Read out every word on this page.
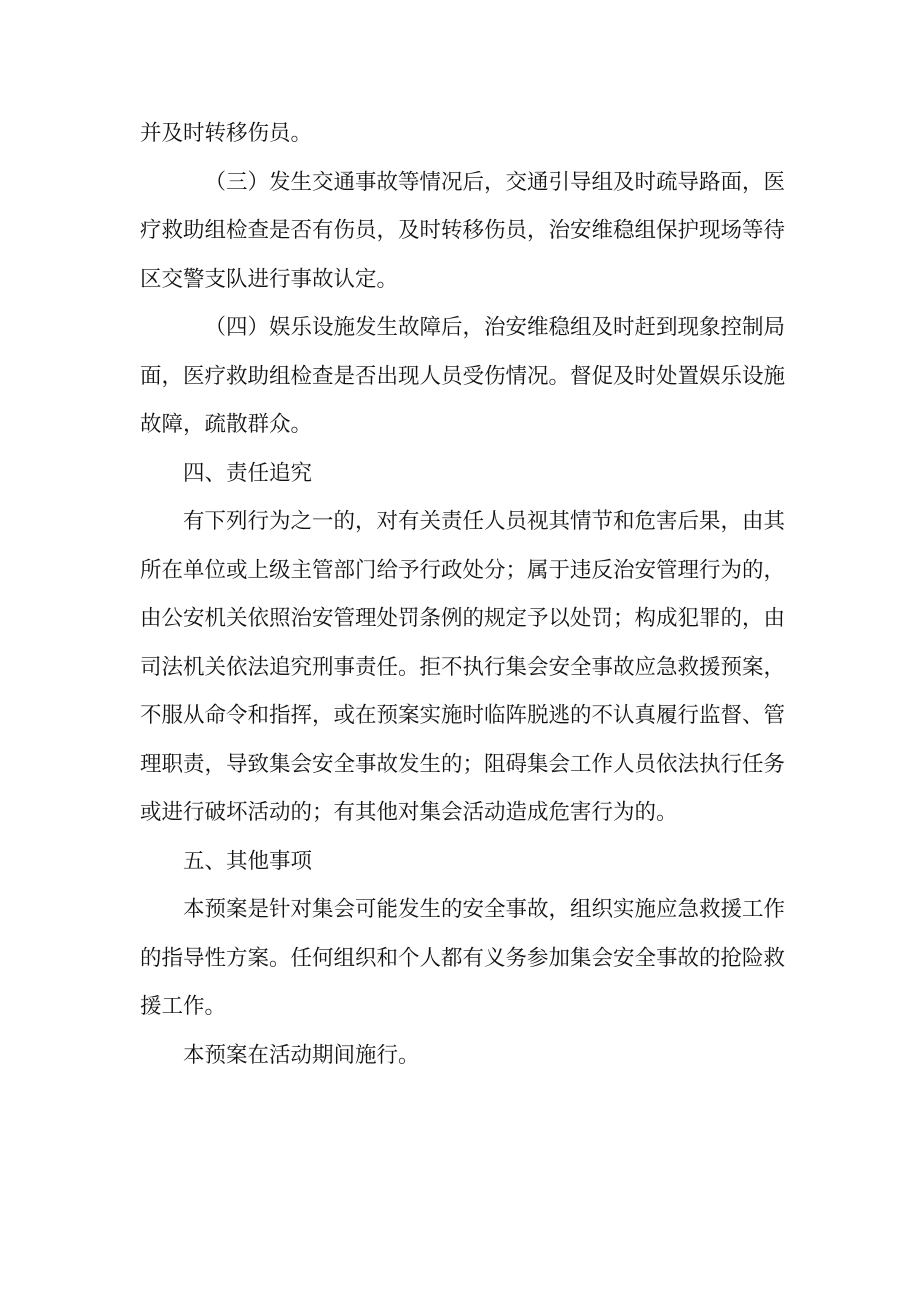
并及时转移伤员。

（三）发生交通事故等情况后，交通引导组及时疏导路面，医疗救助组检查是否有伤员，及时转移伤员，治安维稳组保护现场等待区交警支队进行事故认定。

（四）娱乐设施发生故障后，治安维稳组及时赶到现象控制局面，医疗救助组检查是否出现人员受伤情况。督促及时处置娱乐设施故障，疏散群众。

四、责任追究

有下列行为之一的，对有关责任人员视其情节和危害后果，由其所在单位或上级主管部门给予行政处分；属于违反治安管理行为的，由公安机关依照治安管理处罚条例的规定予以处罚；构成犯罪的，由司法机关依法追究刑事责任。拒不执行集会安全事故应急救援预案，不服从命令和指挥，或在预案实施时临阵脱逃的不认真履行监督、管理职责，导致集会安全事故发生的；阻碍集会工作人员依法执行任务或进行破坏活动的；有其他对集会活动造成危害行为的。

五、其他事项

本预案是针对集会可能发生的安全事故，组织实施应急救援工作的指导性方案。任何组织和个人都有义务参加集会安全事故的抢险救援工作。

本预案在活动期间施行。
